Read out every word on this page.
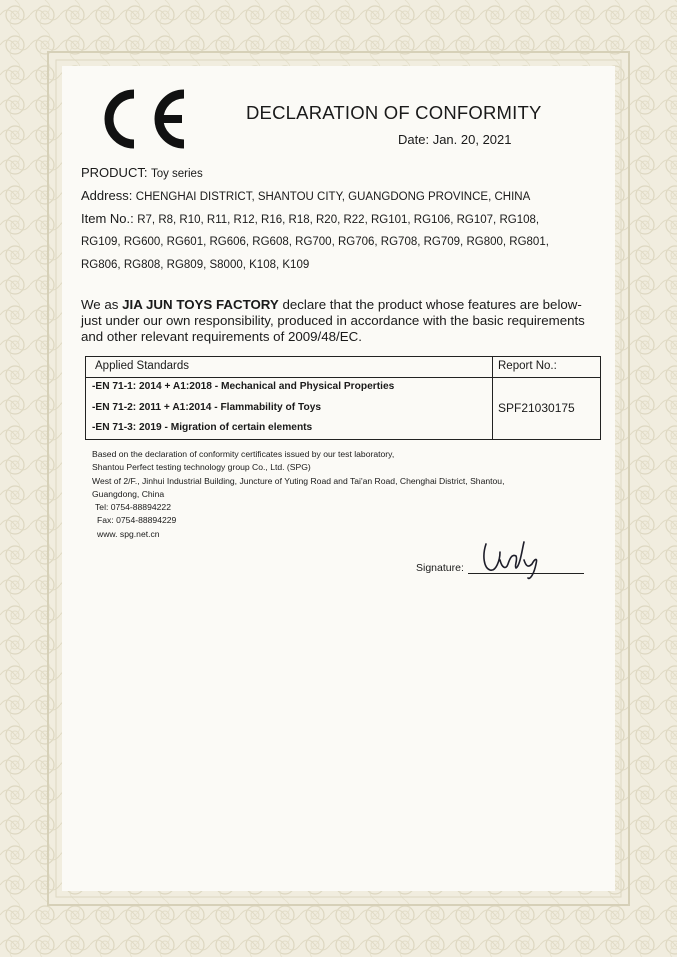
DECLARATION OF CONFORMITY
Date: Jan. 20, 2021
PRODUCT: Toy series
Address: CHENGHAI DISTRICT, SHANTOU CITY, GUANGDONG PROVINCE, CHINA
Item No.: R7, R8, R10, R11, R12, R16, R18, R20, R22, RG101, RG106, RG107, RG108,
RG109, RG600, RG601, RG606, RG608, RG700, RG706, RG708, RG709, RG800, RG801,
RG806, RG808, RG809, S8000, K108, K109

We as JIA JUN TOYS FACTORY declare that the product whose features are below-just under our own responsibility, produced in accordance with the basic requirements and other relevant requirements of 2009/48/EC.

Applied Standards	Report No.:
-EN 71-1: 2014 + A1:2018 - Mechanical and Physical Properties
-EN 71-2: 2011 + A1:2014 - Flammability of Toys
-EN 71-3: 2019 - Migration of certain elements
SPF21030175
Based on the declaration of conformity certificates issued by our test laboratory,
Shantou Perfect testing technology group Co., Ltd. (SPG)
West of 2/F., Jinhui Industrial Building, Juncture of Yuting Road and Tai'an Road, Chenghai District, Shantou,
Guangdong, China
Tel: 0754-88894222
Fax: 0754-88894229
www. spg.net.cn
Signature:
